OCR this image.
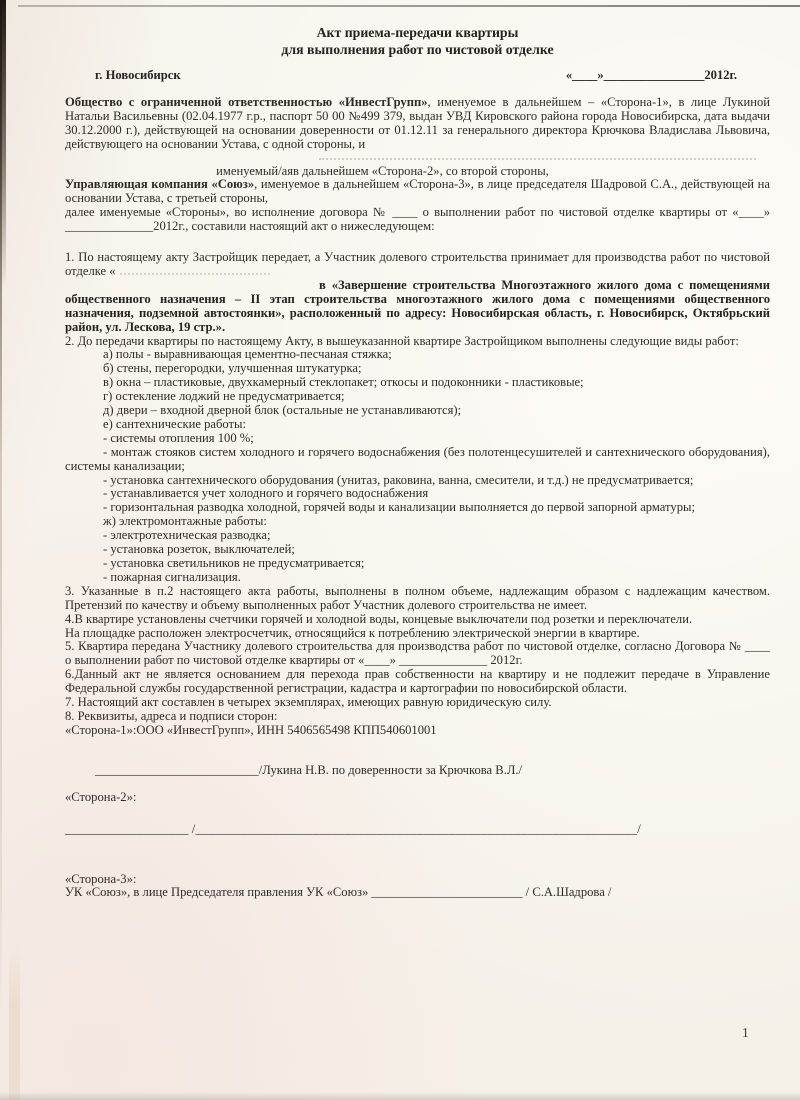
Акт приема-передачи квартиры
для выполнения работ по чистовой отделке
г. Новосибирск	«____»________________2012г.

Общество с ограниченной ответственностью «ИнвестГрупп», именуемое в дальнейшем – «Сторона-1», в лице Лукиной Натальи Васильевны (02.04.1977 г.р., паспорт 50 00 №499 379, выдан УВД Кировского района города Новосибирска, дата выдачи 30.12.2000 г.), действующей на основании доверенности от 01.12.11 за генерального директора Крючкова Владислава Львовича, действующего на основании Устава, с одной стороны, и

именуемый/аяв дальнейшем «Сторона-2», со второй стороны,

Управляющая компания «Союз», именуемое в дальнейшем «Сторона-3», в лице председателя Шадровой С.А., действующей на основании Устава, с третьей стороны,

далее именуемые «Стороны», во исполнение договора № ____ о выполнении работ по чистовой отделке квартиры от «____» ______________2012г., составили настоящий акт о нижеследующем:

1. По настоящему акту Застройщик передает, а Участник долевого строительства принимает для производства работ по чистовой отделке «

в «Завершение строительства Многоэтажного жилого дома с помещениями общественного назначения – II этап строительства многоэтажного жилого дома с помещениями общественного назначения, подземной автостоянки», расположенный по адресу: Новосибирская область, г. Новосибирск, Октябрьский район, ул. Лескова, 19 стр.».

2. До передачи квартиры по настоящему Акту, в вышеуказанной квартире Застройщиком выполнены следующие виды работ:

а) полы - выравнивающая цементно-песчаная стяжка;
б) стены, перегородки, улучшенная штукатурка;
в) окна – пластиковые, двухкамерный стеклопакет; откосы и подоконники - пластиковые;
г) остекление лоджий не предусматривается;
д) двери – входной дверной блок (остальные не устанавливаются);
е) сантехнические работы:
- системы отопления 100 %;
- монтаж стояков систем холодного и горячего водоснабжения (без полотенцесушителей и сантехнического оборудования), системы канализации;
- установка сантехнического оборудования (унитаз, раковина, ванна, смесители, и т.д.) не предусматривается;
- устанавливается учет холодного и горячего водоснабжения
- горизонтальная разводка холодной, горячей воды и канализации выполняется до первой запорной арматуры;
ж) электромонтажные работы:
- электротехническая разводка;
- установка розеток, выключателей;
- установка светильников не предусматривается;
- пожарная сигнализация.

3. Указанные в п.2 настоящего акта работы, выполнены в полном объеме, надлежащим образом с надлежащим качеством. Претензий по качеству и объему выполненных работ Участник долевого строительства не имеет.

4.В квартире установлены счетчики горячей и холодной воды, концевые выключатели под розетки и переключатели.

На площадке расположен электросчетчик, относящийся к потреблению электрической энергии в квартире.

5. Квартира передана Участнику долевого строительства для производства работ по чистовой отделке, согласно Договора № ____ о выполнении работ по чистовой отделке квартиры от «____» ______________ 2012г.

6.Данный акт не является основанием для перехода прав собственности на квартиру и не подлежит передаче в Управление Федеральной службы государственной регистрации, кадастра и картографии по новосибирской области.

7. Настоящий акт составлен в четырех экземплярах, имеющих равную юридическую силу.

8. Реквизиты, адреса и подписи сторон:

«Сторона-1»:ООО «ИнвестГрупп», ИНН 5406565498 КПП540601001

__________________________/Лукина Н.В. по доверенности за Крючкова В.Л./
«Сторона-2»:
___________________ /____________________________________________________________________/
«Сторона-3»:
УК «Союз», в лице Председателя правления УК «Союз» ________________________ / С.А.Шадрова /
1
